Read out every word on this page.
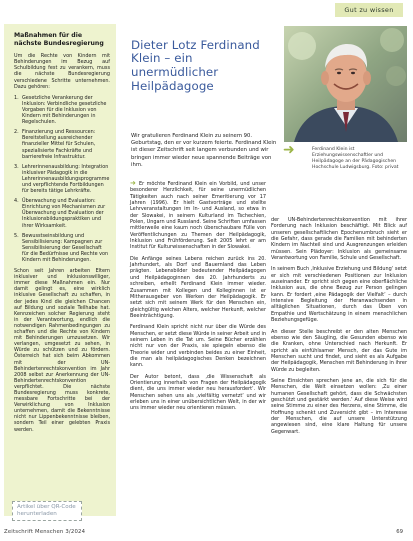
Gut zu wissen
Maßnahmen für die nächste Bundesregierung

Um die Rechte von Kindern mit Behinderungen im Bezug auf Schulbildung fest zu verankern, muss die nächste Bundesregierung verschiedene Schritte unternehmen. Dazu gehören:

1. Gesetzliche Verankerung der Inklusion: Verbindliche gesetzliche Vorgaben für die Inklusion von Kindern mit Behinderungen in Regelschulen.
2. Finanzierung und Ressourcen: Bereitstellung ausreichender finanzieller Mittel für Schulen, spezialisierte Fachkräfte und barrierefreie Infrastruktur.
3. Lehrerinnenausbildung: Integration inklusiver Pädagogik in die Lehrerinnenausbildungsprogramme und verpflichtende Fortbildungen für bereits tätige Lehrkräfte.
4. Überwachung und Evaluation: Einrichtung von Mechanismen zur Überwachung und Evaluation der Inklusionsbildungspraktiken und ihrer Wirksamkeit.
5. Bewusstseinsbildung und Sensibilisierung: Kampagnen zur Sensibilisierung der Gesellschaft für die Bedürfnisse und Rechte von Kindern mit Behinderungen.

Schon seit Jahren arbeiten Eltern inklusiver und inklusionswilliger, immer diese Maßnahmen ein. Nur damit gelingt es, eine wirklich inklusive Gesellschaft zu schaffen, in der jedes Kind die gleichen Chancen auf Bildung und soziale Teilhabe hat. Kennzeichen solcher Regierung steht in der Verantwortung, endlich die notwendigen Rahmenbedingungen zu schaffen und die Rechte von Kindern mit Behinderungen umzusetzen. Wir verlangen, umgesetzt zu sehen, in Würde zu schützen und zu fördern. Österreich hat sich beim Abkommen mit der UN-Behindertenrechtskonvention im Jahr 2008 selbst zur Anerkennung der UN-Behindertenrechtskonvention verpflichtet. Die nächste Bundesregierung muss konkrete, messbare Fortschritte bei der Verwirklichung von Inklusion unternehmen, damit die Bekenntnisse nicht nur Lippenbekenntnisse bleiben, sondern Teil einer gelebten Praxis werden.

Artikel über QR-Code herunterladen
Dieter Lotz Ferdinand Klein – ein unermüdlicher Heilpädagoge

Wir gratulieren Ferdinand Klein zu seinem 90. Geburtstag, den er vor kurzem feierte. Ferdinand Klein ist dieser Zeitschrift seit langem verbunden und wir bringen immer wieder neue spannende Beiträge von ihm.

➜	Ferdinand Klein ist Erziehungswissenschaftler und Heilpädagoge an der Pädagogischen Hochschule Ludwigsburg. Foto: privat

➜ Er möchte Ferdinand Klein ein Vorbild, und unser besonderer Herzlichkeit, für seine unermüdlichen Tätigkeiten auch nach seiner Emeritierung vor 17 Jahren (1996). Er hielt Gastvorträge und stellte Lehrveranstaltungen im In- und Ausland, so etwa in der Slowakei, in seinem Kulturland im Tschechien, Polen, Ungarn und Russland. Seine Schriften umfassen mittlerweile eine kaum noch überschaubare Fülle von Veröffentlichungen zu Themen der Heilpädagogik, Inklusion und Frühförderung. Seit 2005 lehrt er am Institut für Kulturwissenschaften in der Slowakei.

Die Anfänge seines Lebens reichen zurück ins 20. Jahrhundert, als Dorf und Bauernland das Leben prägten. Lebensbilder bedeutender Heilpädagogen und Heilpädagoginnen des 20. Jahrhunderts zu schreiben, erhellt Ferdinand Klein immer wieder. Zusammen mit Kollegen und Kolleginnen ist er Mitherausgeber von Werken der Heilpädagogik. Er setzt sich mit seinem Werk für den Menschen ein, gleichgültig welchen Alters, welcher Herkunft, welcher Beeinträchtigung.

Ferdinand Klein spricht nicht nur über die Würde des Menschen, er setzt diese Würde in seiner Arbeit und in seinem Leben in die Tat um. Seine Bücher erzählen nicht nur von der Praxis, sie spiegeln ebenso die Theorie wider und verbinden beides zu einer Einheit, die man als heilpädagogisches Denken bezeichnen kann.

Der Autor betont, dass ‚die Wissenschaft als Orientierung innerhalb von Fragen der Heilpädagogik dient, die uns immer wieder neu herausfordert‘. Wir Menschen sehen uns als ‚vielfältig vernetzt‘ und wir erleben uns in einer unübersichtlichen Welt, in der wir uns immer wieder neu orientieren müssen.

der UN-Behindertenrechtskonvention mit ihrer Forderung nach Inklusion beschäftigt. Mit Blick auf unseren gesellschaftlichen Epochenumbruch sieht er die Gefahr, dass gerade die Familien mit behinderten Kindern im Nachteil sind und Ausgrenzungen erleiden müssen. Sein Plädoyer: Inklusion als gemeinsame Verantwortung von Familie, Schule und Gesellschaft.

In seinem Buch ‚Inklusive Erziehung und Bildung‘ setzt er sich mit verschiedenen Positionen zur Inklusion auseinander. Er spricht sich gegen eine oberflächliche Inklusion aus, die ohne Bezug zur Person gelingen kann. Er fordert ‚eine Pädagogik der Vielfalt‘ – durch intensive Begleitung der Heranwachsenden in alltäglichen Situationen, durch das Üben von Empathie und Wertschätzung in einem menschlichen Beziehungsgefüge.

An dieser Stelle beschreibt er den alten Menschen ebenso wie den Säugling, die Gesunden ebenso wie die Kranken, ohne Unterschied nach Herkunft. Er spricht als einfühlsamer Mensch, der das Gute im Menschen sucht und findet, und sieht es als Aufgabe der Heilpädagogik, Menschen mit Behinderung in ihrer Würde zu begleiten.

Seine Einsichten sprechen jene an, die sich für die Menschen, die Welt einsetzen wollen: ‚Zu einer humanen Gesellschaft gehört, dass die Schwächsten geschützt und gestärkt werden.‘ Auf diese Weise wird seine Stimme zu einer des Herzens, eine Stimme, die Hoffnung schenkt und Zuversicht gibt – im Interesse der Menschen, die auf unsere Unterstützung angewiesen sind, eine klare Haltung für unsere Gegenwart.

Zeitschrift Menschen 3/2024	69
